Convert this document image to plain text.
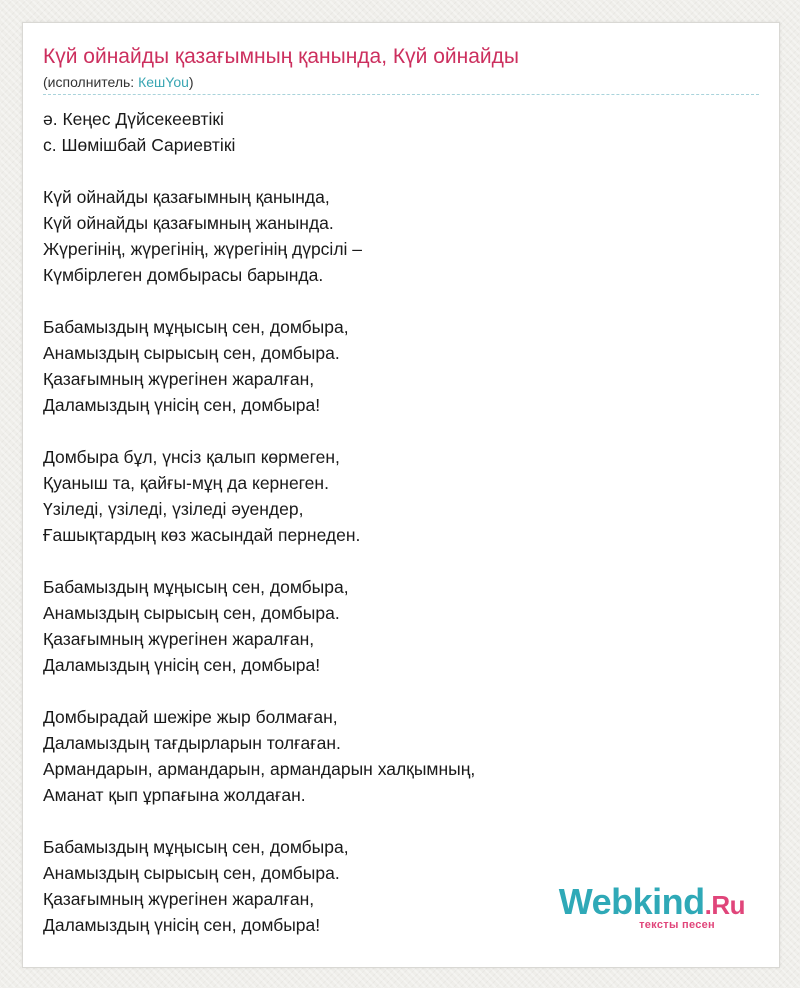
Күй ойнайды қазағымның қанында, Күй ойнайды
(исполнитель: КешYou)
ә. Кеңес Дүйсекеевтікі
с. Шөмішбай Сариевтікі
Күй ойнайды қазағымның қанында,
Күй ойнайды қазағымның жанында.
Жүрегінің, жүрегінің, жүрегінің дүрсілі –
Күмбірлеген домбырасы барында.
Бабамыздың мұңысың сен, домбыра,
Анамыздың сырысың сен, домбыра.
Қазағымның жүрегінен жаралған,
Даламыздың үнісің сен, домбыра!
Домбыра бұл, үнсіз қалып көрмеген,
Қуаныш та, қайғы-мұң да кернеген.
Үзіледі, үзіледі, үзіледі әуендер,
Ғашықтардың көз жасындай пернеден.
Бабамыздың мұңысың сен, домбыра,
Анамыздың сырысың сен, домбыра.
Қазағымның жүрегінен жаралған,
Даламыздың үнісің сен, домбыра!
Домбырадай шежіре жыр болмаған,
Даламыздың тағдырларын толғаған.
Армандарын, армандарын, армандарын халқымның,
Аманат қып ұрпағына жолдаған.
Бабамыздың мұңысың сен, домбыра,
Анамыздың сырысың сен, домбыра.
Қазағымның жүрегінен жаралған,
Даламыздың үнісің сен, домбыра!
Webkind.Ru
тексты песен
